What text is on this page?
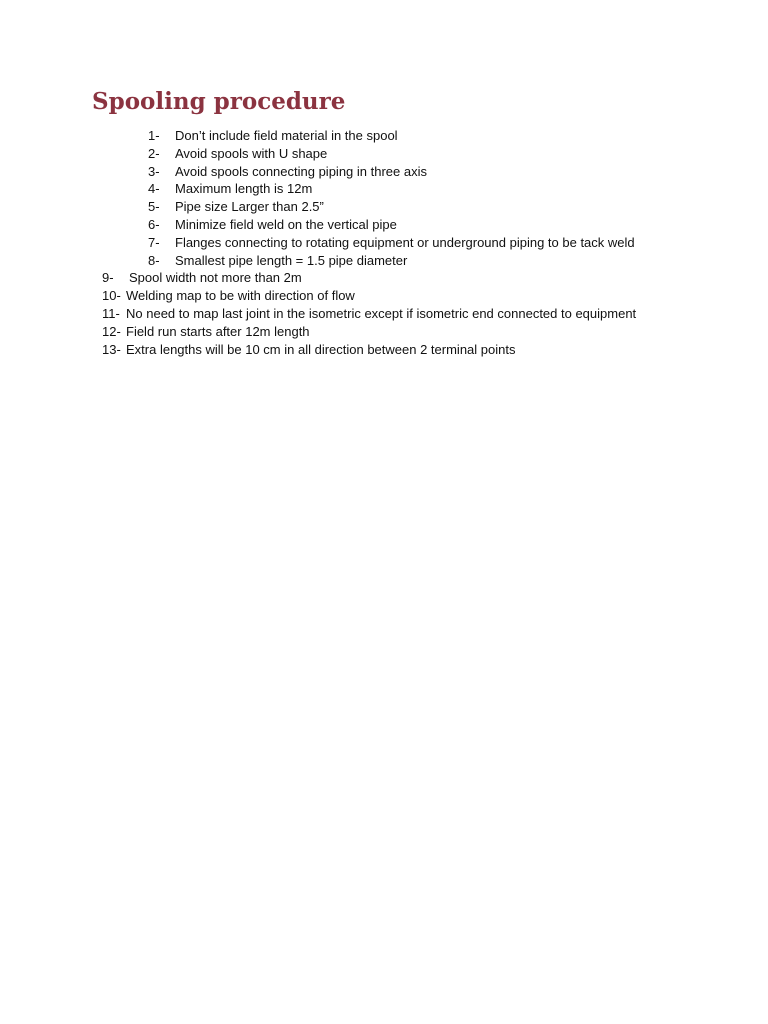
Spooling procedure
1- Don’t include field material in the spool
2- Avoid spools with U shape
3- Avoid spools connecting piping in three axis
4- Maximum length is 12m
5- Pipe size Larger than 2.5”
6- Minimize field weld on the vertical pipe
7- Flanges connecting to rotating equipment or underground piping to be tack weld
8- Smallest pipe length = 1.5 pipe diameter
9- Spool width not more than 2m
10- Welding map to be with direction of flow
11- No need to map last joint in the isometric except if isometric end connected to equipment
12- Field run starts after 12m length
13- Extra lengths will be 10 cm in all direction between 2 terminal points
